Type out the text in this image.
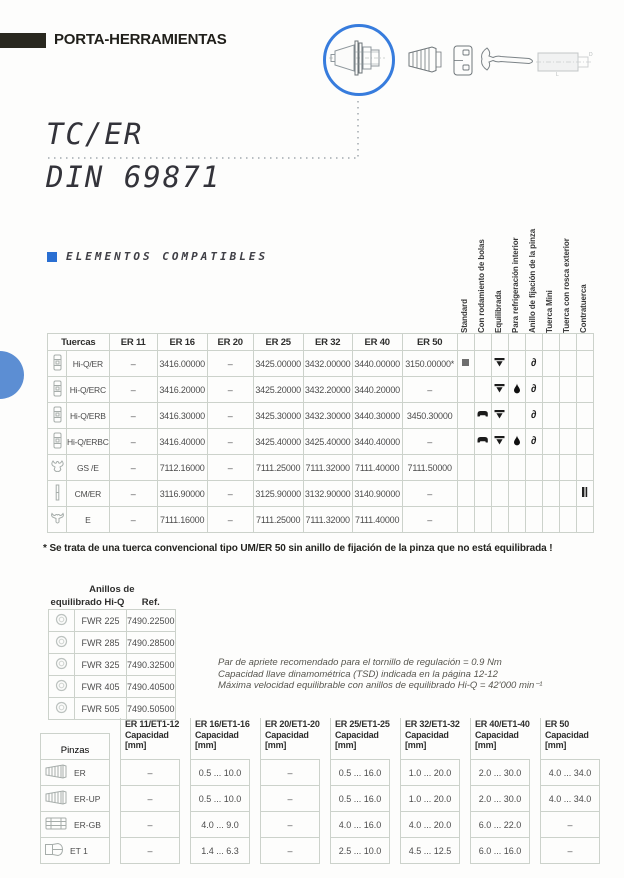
PORTA-HERRAMIENTAS
L
D
TC/ER
DIN 69871
ELEMENTOS COMPATIBLES
Standard	Con rodamiento de bolas	Equilibrada	Para refrigeración interior	Anillo de fijación de la pinza	Tuerca Mini	Tuerca con rosca exterior	Contratuerca
Tuercas		ER 11	ER 16	ER 20	ER 25	ER 32	ER 40	ER 50								
	Hi-Q/ER	–	3416.00000	–	3425.00000	3432.00000	3440.00000	3150.00000*					∂			
	Hi-Q/ERC	–	3416.20000	–	3425.20000	3432.20000	3440.20000	–					∂			
	Hi-Q/ERB	–	3416.30000	–	3425.30000	3432.30000	3440.30000	3450.30000					∂			
	Hi-Q/ERBC	–	3416.40000	–	3425.40000	3425.40000	3440.40000	–					∂			
	GS /E	–	7112.16000	–	7111.25000	7111.32000	7111.40000	7111.50000								
	CM/ER	–	3116.90000	–	3125.90000	3132.90000	3140.90000	–								
	E	–	7111.16000	–	7111.25000	7111.32000	7111.40000	–								
* Se trata de una tuerca convencional tipo UM/ER 50 sin anillo de fijación de la pinza que no está equilibrada !
Anillos de
equilibrado Hi-Q		Ref.
	FWR 225	7490.22500
	FWR 285	7490.28500
	FWR 325	7490.32500
	FWR 405	7490.40500
	FWR 505	7490.50500
Par de apriete recomendado para el tornillo de regulación = 0.9 Nm
Capacidad llave dinamométrica (TSD) indicada en la página 12-12
Máxima velocidad equilibrable con anillos de equilibrado Hi-Q = 42'000 min⁻¹
Pinzas
ER 11/ET1-12
Capacidad
[mm]
ER 16/ET1-16
Capacidad
[mm]
ER 20/ET1-20
Capacidad
[mm]
ER 25/ET1-25
Capacidad
[mm]
ER 32/ET1-32
Capacidad
[mm]
ER 40/ET1-40
Capacidad
[mm]
ER 50
Capacidad
[mm]
ER	–	0.5 ... 10.0	–	0.5 ... 16.0	1.0 ... 20.0	2.0 ... 30.0	4.0 ... 34.0
ER-UP	–	0.5 ... 10.0	–	0.5 ... 16.0	1.0 ... 20.0	2.0 ... 30.0	4.0 ... 34.0
ER-GB	–	4.0 ... 9.0	–	4.0 ... 16.0	4.0 ... 20.0	6.0 ... 22.0	–
ET 1	–	1.4 ... 6.3	–	2.5 ... 10.0	4.5 ... 12.5	6.0 ... 16.0	–
